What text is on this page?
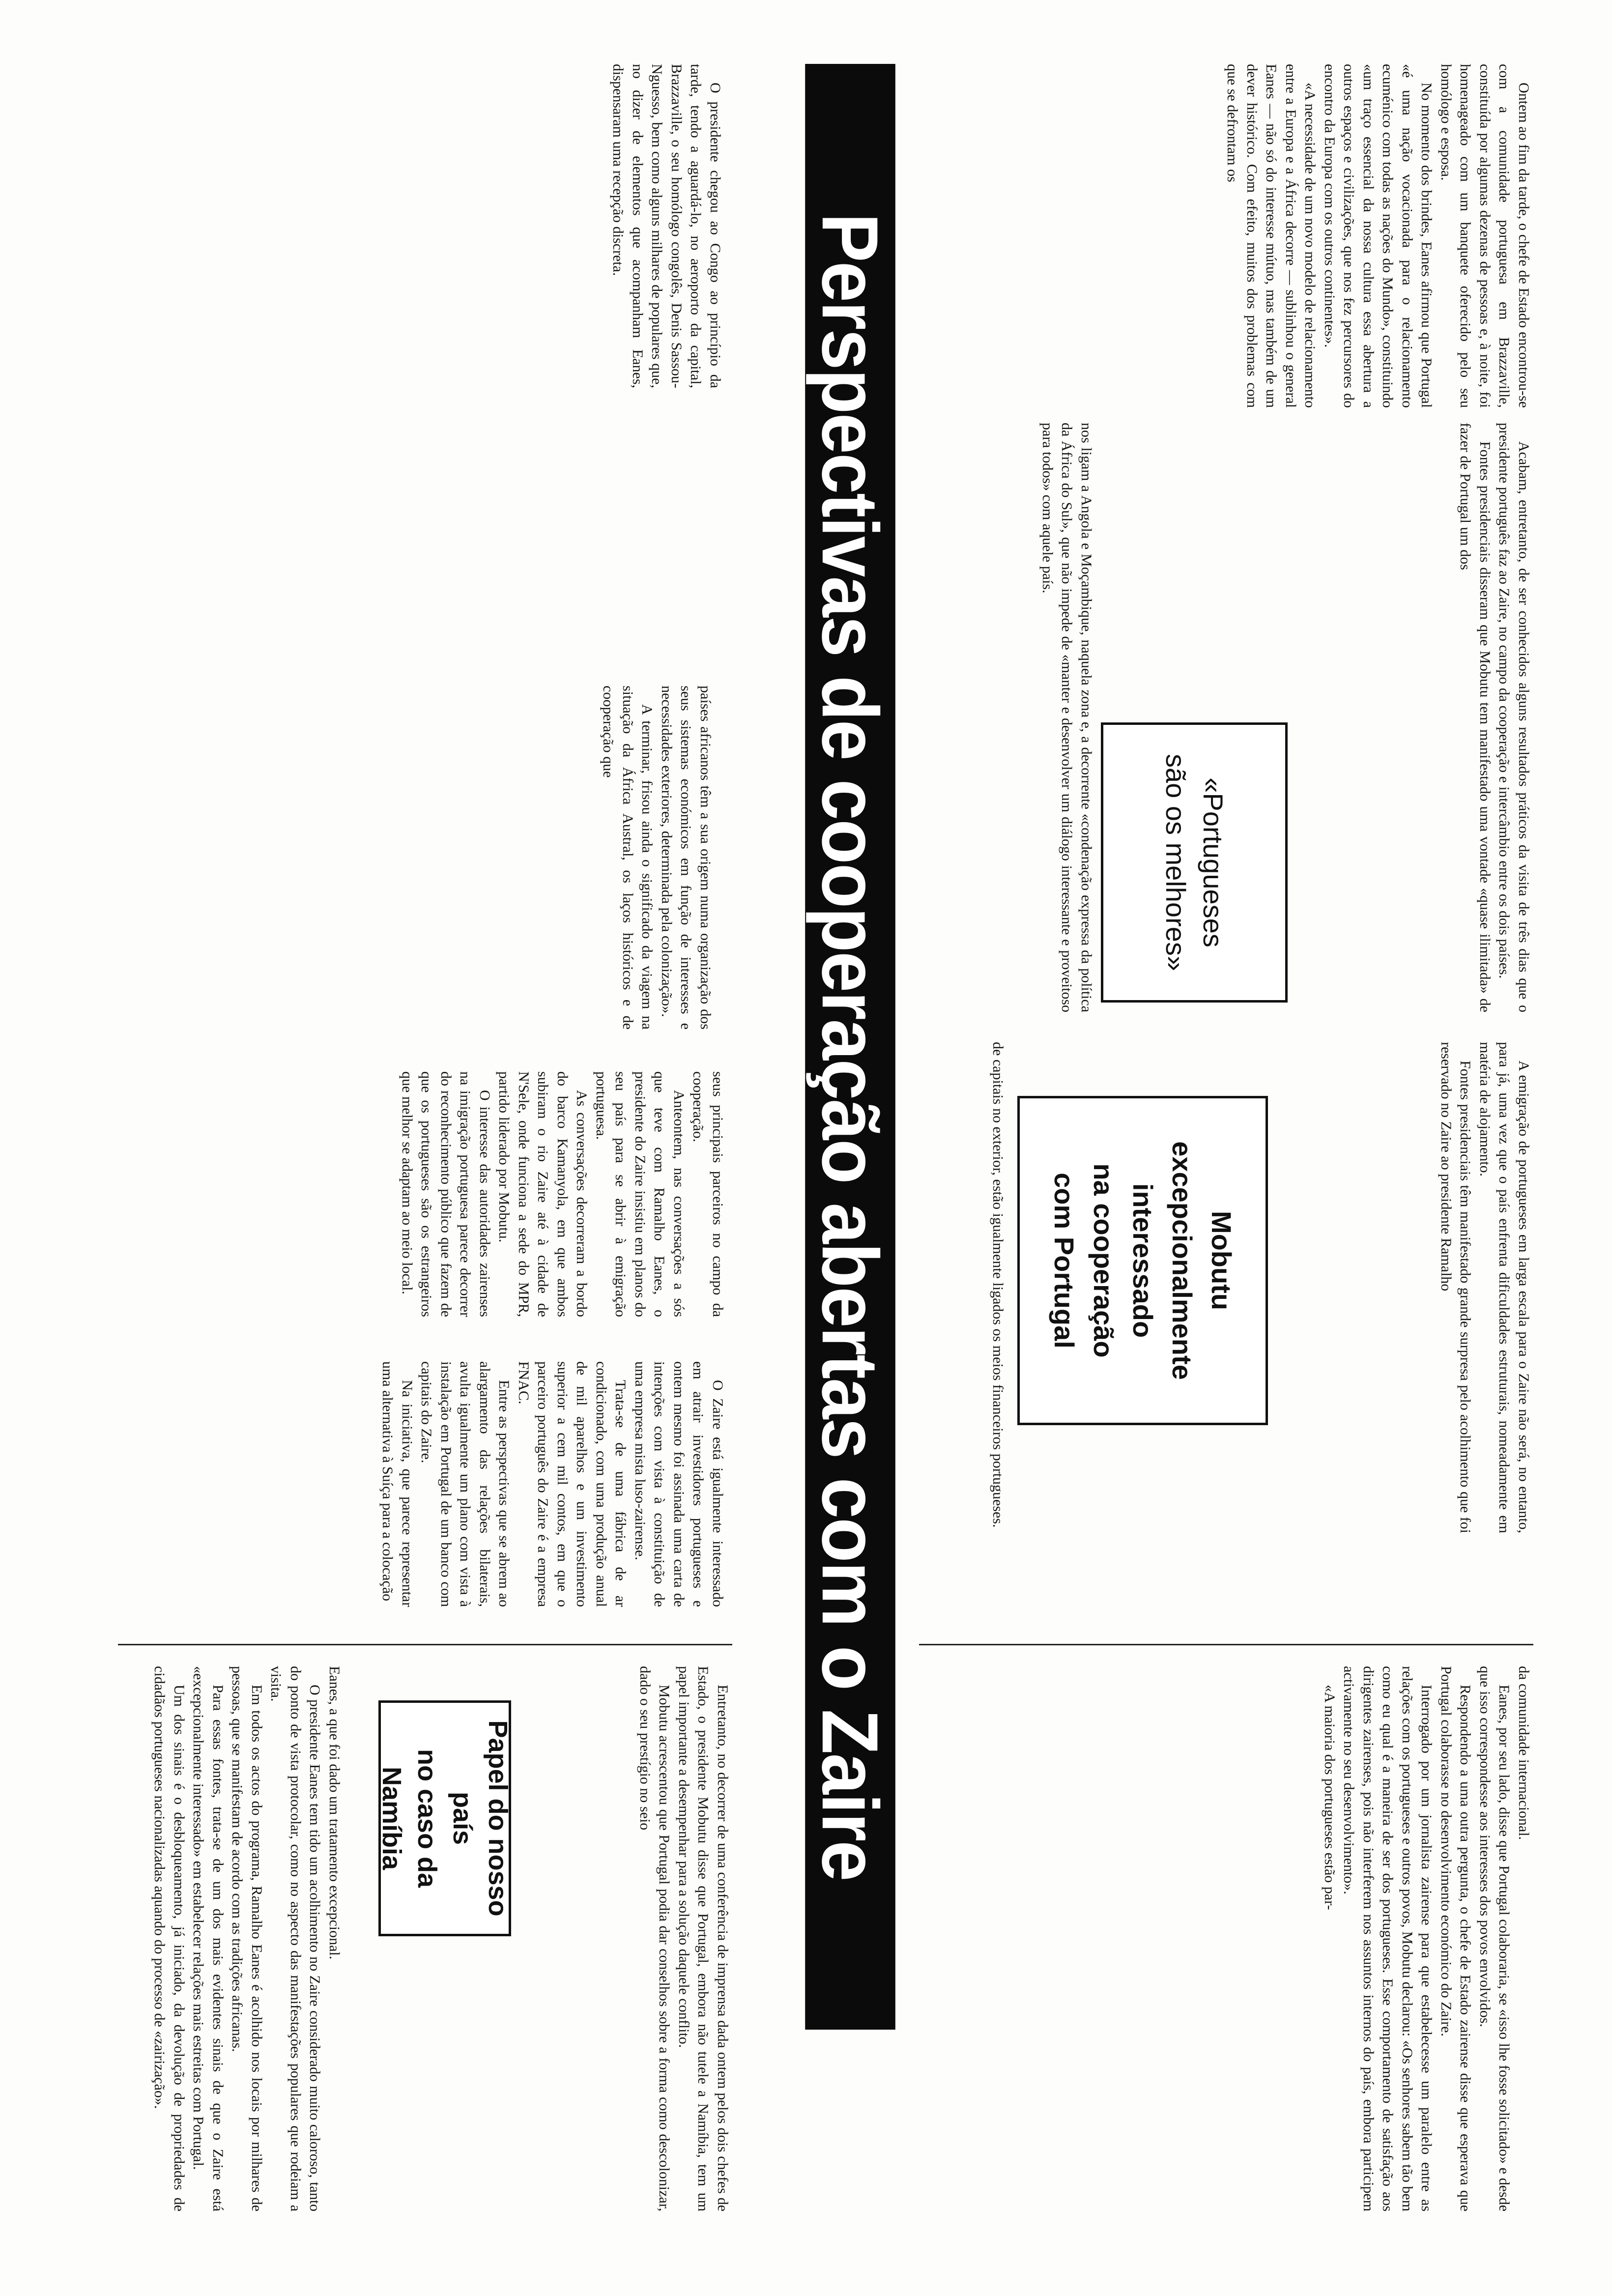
O presidente chegou ao Congo ao princípio da tarde, tendo a aguardá-lo, no aeroporto da capital, Brazzaville, o seu homólogo congolês, Denis Sassou-Nguesso, bem como alguns milhares de populares que, no dizer de elementos que acompanham Eanes, dispensaram uma recepção discreta.

países africanos têm a sua origem numa organização dos seus sistemas económicos em função de interesses e necessidades exteriores, determinada pela colonização».

A terminar, frisou ainda o significado da viagem na situação da África Austral, os laços históricos e de cooperação que

seus principais parceiros no campo da cooperação.

Anteontem, nas conversações a sós que teve com Ramalho Eanes, o presidente do Zaire insistiu em planos do seu país para se abrir à emigração portuguesa.

As conversações decorreram a bordo do barco Kamanyola, em que ambos subiram o rio Zaire até à cidade de N'Sele, onde funciona a sede do MPR, partido liderado por Mobutu.

O interesse das autoridades zairenses na imigração portuguesa parece decorrer do reconhecimento público que fazem de que os portugueses são os estrangeiros que melhor se adaptam ao meio local.

O Zaire está igualmente interessado em atrair investidores portugueses e ontem mesmo foi assinada uma carta de intenções com vista à constituição de uma empresa mista luso-zairense.

Trata-se de uma fábrica de ar condicionado, com uma produção anual de mil aparelhos e um investimento superior a cem mil contos, em que o parceiro português do Zaire é a empresa FNAC.

Entre as perspectivas que se abrem ao alargamento das relações bilaterais, avulta igualmente um plano com vista à instalação em Portugal de um banco com capitais do Zaire.

Na iniciativa, que parece representar uma alternativa à Suíça para a colocação

Eanes, a que foi dado um tratamento excepcional.

O presidente Eanes tem tido um acolhimento no Zaire considerado muito caloroso, tanto do ponto de vista protocolar, como no aspecto das manifestações populares que rodeiam a visita.

Em todos os actos do programa, Ramalho Eanes é acolhido nos locais por milhares de pessoas, que se manifestam de acordo com as tradições africanas.

Para essas fontes, trata-se de um dos mais evidentes sinais de que o Zaire está «excepcionalmente interessado» em estabelecer relações mais estreitas com Portugal.

Um dos sinais é o desbloqueamento, já iniciado, da devolução de propriedades de cidadãos portugueses nacionalizadas aquando do processo de «zairização».	Papel do nosso país
no caso da Namíbia	Entretanto, no decorrer de uma conferência de imprensa dada ontem pelos dois chefes de Estado, o presidente Mobutu disse que Portugal, embora não tutele a Namíbia, tem um papel importante a desempenhar para a solução daquele conflito.

Mobutu acrescentou que Portugal podia dar conselhos sobre a forma como descolonizar, dado o seu prestígio no seio Perspectivas de cooperação abertas com o Zaire	Ontem ao fim da tarde, o chefe de Estado encontrou-se com a comunidade portuguesa em Brazzaville, constituída por algumas dezenas de pessoas e, à noite, foi homenageado com um banquete oferecido pelo seu homólogo e esposa.

No momento dos brindes, Eanes afirmou que Portugal «é uma nação vocacionada para o relacionamento ecuménico com todas as nações do Mundo», constituindo «um traço essencial da nossa cultura essa abertura a outros espaços e civilizações, que nos fez percursores do encontro da Europa com os outros continentes».

«A necessidade de um novo modelo de relacionamento entre a Europa e a África decorre — sublinhou o general Eanes — não só do interesse mútuo, mas também de um dever histórico. Com efeito, muitos dos problemas com que se defrontam os

nos ligam a Angola e Moçambique, naquela zona e, a decorrente «condenação expressa da política da África do Sul», que não impede de «manter e desenvolver um diálogo interessante e proveitoso para todos» com aquele país.

«Portugueses
são os melhores»	Acabam, entretanto, de ser conhecidos alguns resultados práticos da visita de três dias que o presidente português faz ao Zaire, no campo da cooperação e intercâmbio entre os dois países.

Fontes presidenciais disseram que Mobutu tem manifestado uma vontade «quase ilimitada» de fazer de Portugal um dos

de capitais no exterior, estão igualmente ligados os meios financeiros portugueses.	Mobutu
excepcionalmente
interessado
na cooperação
com Portugal	A emigração de portugueses em larga escala para o Zaire não será, no entanto, para já, uma vez que o país enfrenta dificuldades estruturais, nomeadamente em matéria de alojamento.

Fontes presidenciais têm manifestado grande surpresa pelo acolhimento que foi reservado no Zaire ao presidente Ramalho

da comunidade internacional.

Eanes, por seu lado, disse que Portugal colaboraria, se «isso lhe fosse solicitado» e desde que isso correspondesse aos interesses dos povos envolvidos.

Respondendo a uma outra pergunta, o chefe de Estado zairense disse que esperava que Portugal colaborasse no desenvolvimento económico do Zaire.

Interrogado por um jornalista zairense para que estabelecesse um paralelo entre as relações com os portugueses e outros povos, Mobutu declarou: «Os senhores sabem tão bem como eu qual é a maneira de ser dos portugueses. Esse comportamento de satisfação aos dirigentes zairenses, pois não interferem nos assuntos internos do país, embora participem activamente no seu desenvolvimento».

«A maioria dos portugueses estão par-
